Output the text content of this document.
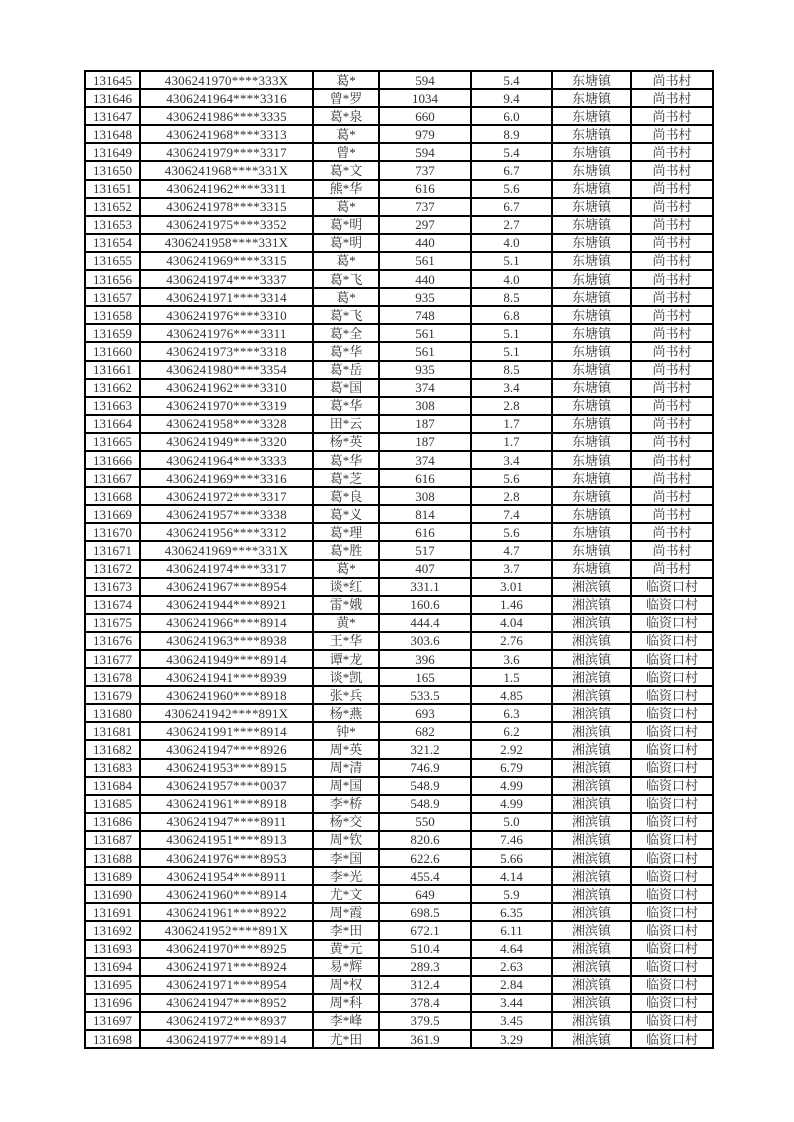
131645	4306241970****333X	葛*	594	5.4	东塘镇	尚书村
131646	4306241964****3316	曾*罗	1034	9.4	东塘镇	尚书村
131647	4306241986****3335	葛*泉	660	6.0	东塘镇	尚书村
131648	4306241968****3313	葛*	979	8.9	东塘镇	尚书村
131649	4306241979****3317	曾*	594	5.4	东塘镇	尚书村
131650	4306241968****331X	葛*文	737	6.7	东塘镇	尚书村
131651	4306241962****3311	熊*华	616	5.6	东塘镇	尚书村
131652	4306241978****3315	葛*	737	6.7	东塘镇	尚书村
131653	4306241975****3352	葛*明	297	2.7	东塘镇	尚书村
131654	4306241958****331X	葛*明	440	4.0	东塘镇	尚书村
131655	4306241969****3315	葛*	561	5.1	东塘镇	尚书村
131656	4306241974****3337	葛*飞	440	4.0	东塘镇	尚书村
131657	4306241971****3314	葛*	935	8.5	东塘镇	尚书村
131658	4306241976****3310	葛*飞	748	6.8	东塘镇	尚书村
131659	4306241976****3311	葛*全	561	5.1	东塘镇	尚书村
131660	4306241973****3318	葛*华	561	5.1	东塘镇	尚书村
131661	4306241980****3354	葛*岳	935	8.5	东塘镇	尚书村
131662	4306241962****3310	葛*国	374	3.4	东塘镇	尚书村
131663	4306241970****3319	葛*华	308	2.8	东塘镇	尚书村
131664	4306241958****3328	田*云	187	1.7	东塘镇	尚书村
131665	4306241949****3320	杨*英	187	1.7	东塘镇	尚书村
131666	4306241964****3333	葛*华	374	3.4	东塘镇	尚书村
131667	4306241969****3316	葛*芝	616	5.6	东塘镇	尚书村
131668	4306241972****3317	葛*良	308	2.8	东塘镇	尚书村
131669	4306241957****3338	葛*义	814	7.4	东塘镇	尚书村
131670	4306241956****3312	葛*理	616	5.6	东塘镇	尚书村
131671	4306241969****331X	葛*胜	517	4.7	东塘镇	尚书村
131672	4306241974****3317	葛*	407	3.7	东塘镇	尚书村
131673	4306241967****8954	谈*红	331.1	3.01	湘滨镇	临资口村
131674	4306241944****8921	雷*娥	160.6	1.46	湘滨镇	临资口村
131675	4306241966****8914	黄*	444.4	4.04	湘滨镇	临资口村
131676	4306241963****8938	王*华	303.6	2.76	湘滨镇	临资口村
131677	4306241949****8914	谭*龙	396	3.6	湘滨镇	临资口村
131678	4306241941****8939	谈*凯	165	1.5	湘滨镇	临资口村
131679	4306241960****8918	张*兵	533.5	4.85	湘滨镇	临资口村
131680	4306241942****891X	杨*燕	693	6.3	湘滨镇	临资口村
131681	4306241991****8914	钟*	682	6.2	湘滨镇	临资口村
131682	4306241947****8926	周*英	321.2	2.92	湘滨镇	临资口村
131683	4306241953****8915	周*清	746.9	6.79	湘滨镇	临资口村
131684	4306241957****0037	周*国	548.9	4.99	湘滨镇	临资口村
131685	4306241961****8918	李*桥	548.9	4.99	湘滨镇	临资口村
131686	4306241947****8911	杨*交	550	5.0	湘滨镇	临资口村
131687	4306241951****8913	周*钦	820.6	7.46	湘滨镇	临资口村
131688	4306241976****8953	李*国	622.6	5.66	湘滨镇	临资口村
131689	4306241954****8911	李*光	455.4	4.14	湘滨镇	临资口村
131690	4306241960****8914	尤*文	649	5.9	湘滨镇	临资口村
131691	4306241961****8922	周*霞	698.5	6.35	湘滨镇	临资口村
131692	4306241952****891X	李*田	672.1	6.11	湘滨镇	临资口村
131693	4306241970****8925	黄*元	510.4	4.64	湘滨镇	临资口村
131694	4306241971****8924	易*辉	289.3	2.63	湘滨镇	临资口村
131695	4306241971****8954	周*权	312.4	2.84	湘滨镇	临资口村
131696	4306241947****8952	周*科	378.4	3.44	湘滨镇	临资口村
131697	4306241972****8937	李*峰	379.5	3.45	湘滨镇	临资口村
131698	4306241977****8914	尤*田	361.9	3.29	湘滨镇	临资口村
